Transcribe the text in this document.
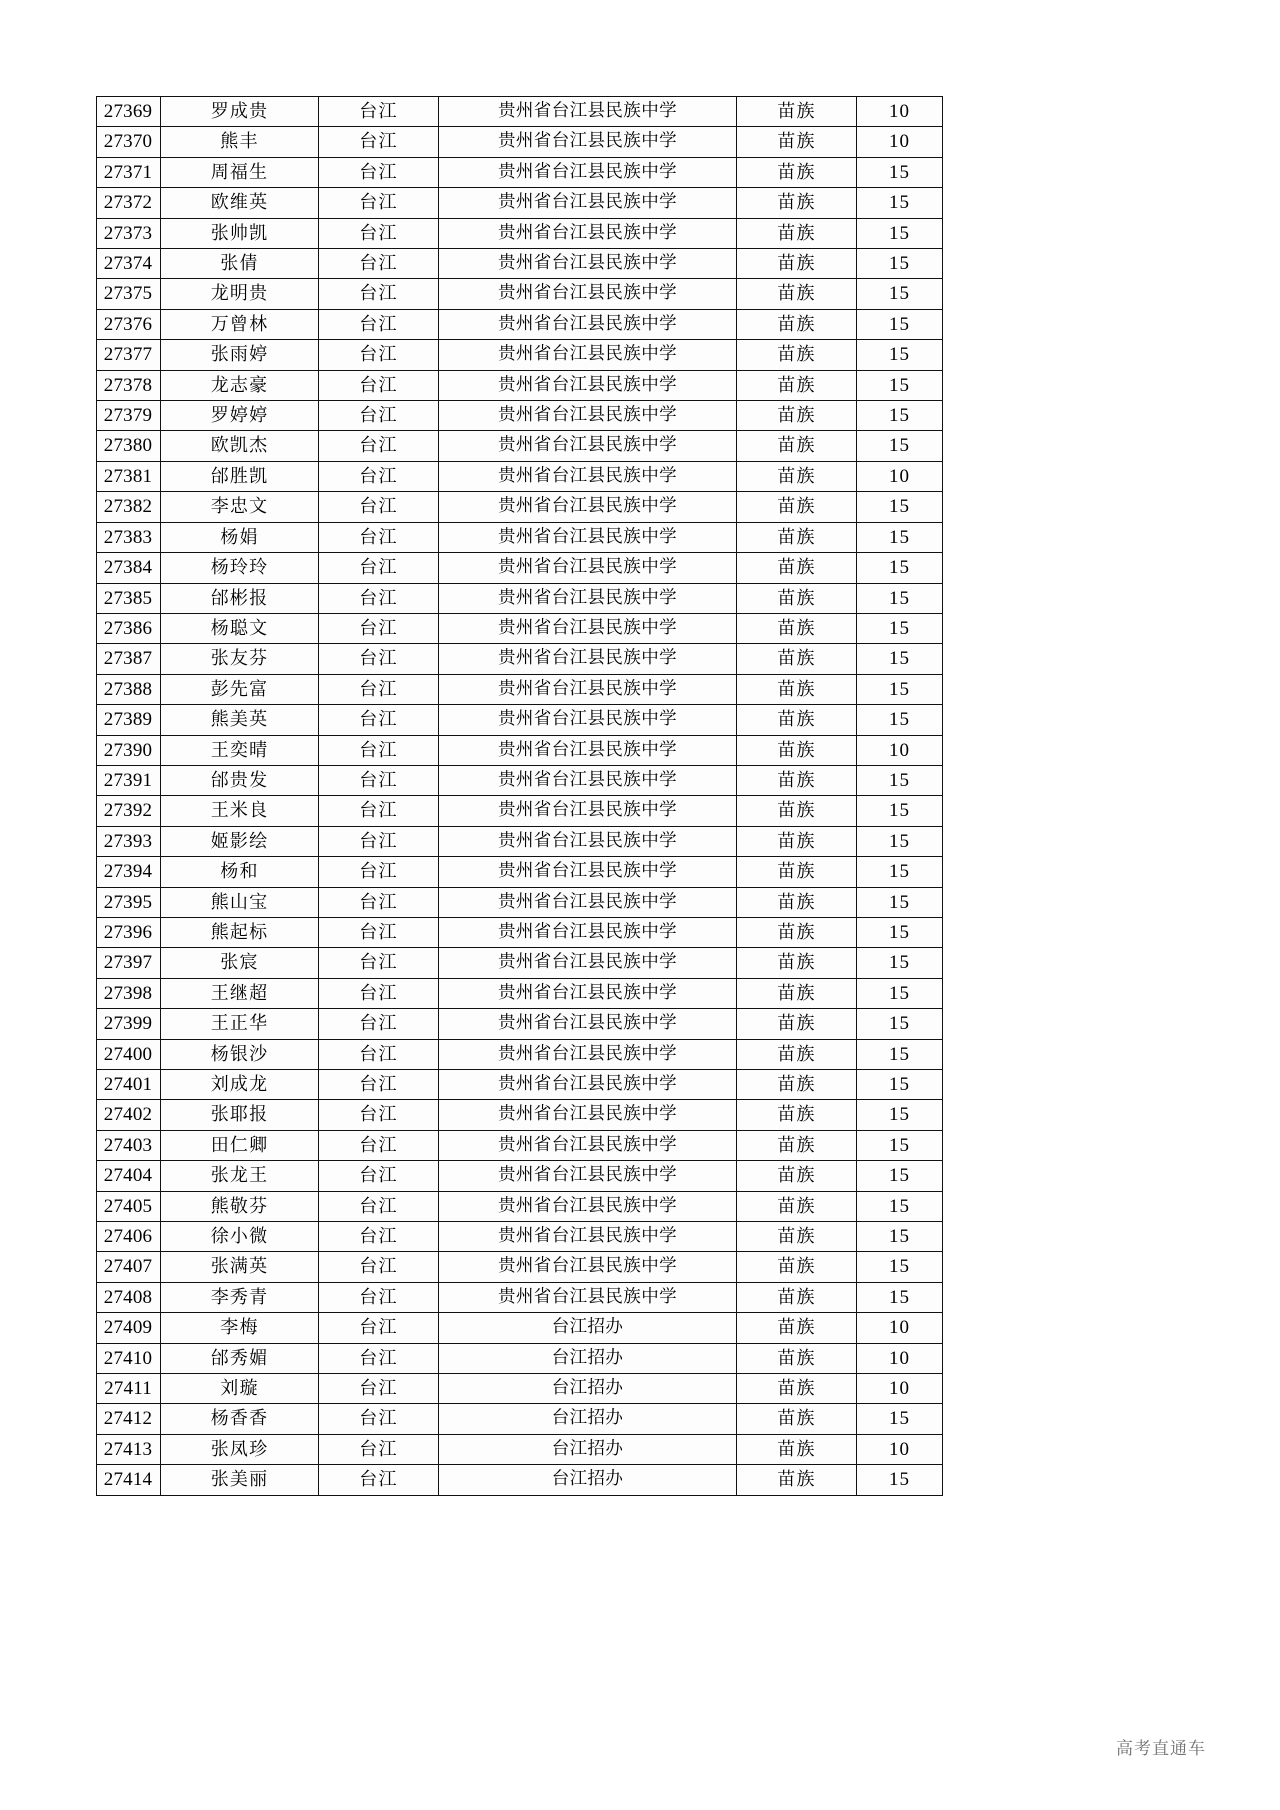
27369	罗成贵	台江	贵州省台江县民族中学	苗族	10
27370	熊丰	台江	贵州省台江县民族中学	苗族	10
27371	周福生	台江	贵州省台江县民族中学	苗族	15
27372	欧维英	台江	贵州省台江县民族中学	苗族	15
27373	张帅凯	台江	贵州省台江县民族中学	苗族	15
27374	张倩	台江	贵州省台江县民族中学	苗族	15
27375	龙明贵	台江	贵州省台江县民族中学	苗族	15
27376	万曾林	台江	贵州省台江县民族中学	苗族	15
27377	张雨婷	台江	贵州省台江县民族中学	苗族	15
27378	龙志豪	台江	贵州省台江县民族中学	苗族	15
27379	罗婷婷	台江	贵州省台江县民族中学	苗族	15
27380	欧凯杰	台江	贵州省台江县民族中学	苗族	15
27381	邰胜凯	台江	贵州省台江县民族中学	苗族	10
27382	李忠文	台江	贵州省台江县民族中学	苗族	15
27383	杨娟	台江	贵州省台江县民族中学	苗族	15
27384	杨玲玲	台江	贵州省台江县民族中学	苗族	15
27385	邰彬报	台江	贵州省台江县民族中学	苗族	15
27386	杨聪文	台江	贵州省台江县民族中学	苗族	15
27387	张友芬	台江	贵州省台江县民族中学	苗族	15
27388	彭先富	台江	贵州省台江县民族中学	苗族	15
27389	熊美英	台江	贵州省台江县民族中学	苗族	15
27390	王奕晴	台江	贵州省台江县民族中学	苗族	10
27391	邰贵发	台江	贵州省台江县民族中学	苗族	15
27392	王米良	台江	贵州省台江县民族中学	苗族	15
27393	姬影绘	台江	贵州省台江县民族中学	苗族	15
27394	杨和	台江	贵州省台江县民族中学	苗族	15
27395	熊山宝	台江	贵州省台江县民族中学	苗族	15
27396	熊起标	台江	贵州省台江县民族中学	苗族	15
27397	张宸	台江	贵州省台江县民族中学	苗族	15
27398	王继超	台江	贵州省台江县民族中学	苗族	15
27399	王正华	台江	贵州省台江县民族中学	苗族	15
27400	杨银沙	台江	贵州省台江县民族中学	苗族	15
27401	刘成龙	台江	贵州省台江县民族中学	苗族	15
27402	张耶报	台江	贵州省台江县民族中学	苗族	15
27403	田仁卿	台江	贵州省台江县民族中学	苗族	15
27404	张龙王	台江	贵州省台江县民族中学	苗族	15
27405	熊敬芬	台江	贵州省台江县民族中学	苗族	15
27406	徐小微	台江	贵州省台江县民族中学	苗族	15
27407	张满英	台江	贵州省台江县民族中学	苗族	15
27408	李秀青	台江	贵州省台江县民族中学	苗族	15
27409	李梅	台江	台江招办	苗族	10
27410	邰秀媚	台江	台江招办	苗族	10
27411	刘璇	台江	台江招办	苗族	10
27412	杨香香	台江	台江招办	苗族	15
27413	张凤珍	台江	台江招办	苗族	10
27414	张美丽	台江	台江招办	苗族	15
高考直通车
